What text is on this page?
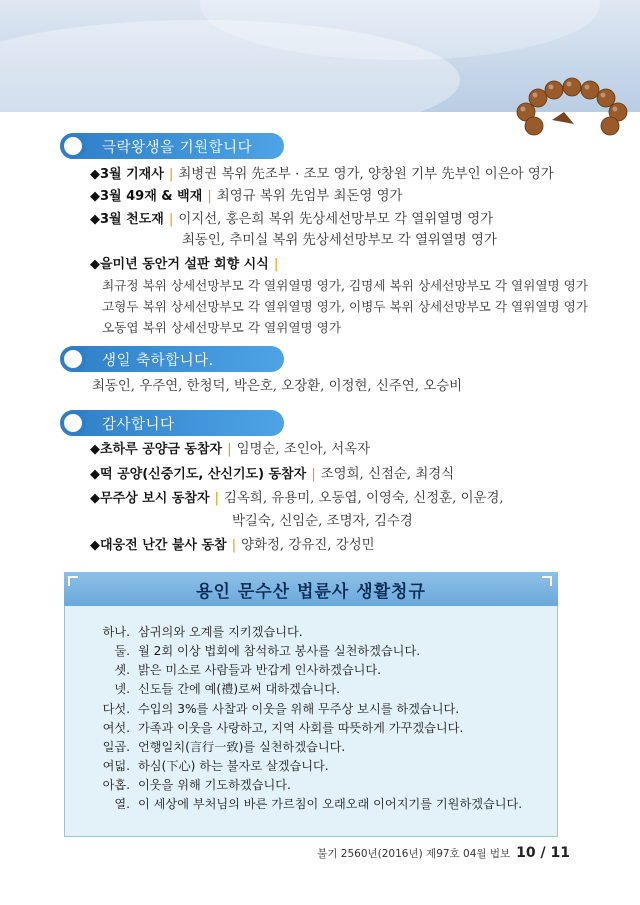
극락왕생을 기원합니다
◆3월 기재사 | 최병권 복위 先조부 · 조모 영가, 양창원 기부 先부인 이은아 영가
◆3월 49재 & 백재 | 최영규 복위 先엄부 최돈영 영가
◆3월 천도재 | 이지선, 홍은희 복위 先상세선망부모 각 열위열명 영가
최동인, 추미실 복위 先상세선망부모 각 열위열명 영가
◆을미년 동안거 설판 회향 시식 |
최규정 복위 상세선망부모 각 열위열명 영가, 김명세 복위 상세선망부모 각 열위열명 영가
고형두 복위 상세선망부모 각 열위열명 영가, 이병두 복위 상세선망부모 각 열위열명 영가
오동엽 복위 상세선망부모 각 열위열명 영가
생일 축하합니다.
최동인, 우주연, 한청덕, 박은호, 오장환, 이정현, 신주연, 오승비
감사합니다
◆초하루 공양금 동참자 | 임명순, 조인아, 서옥자
◆떡 공양(신중기도, 산신기도) 동참자 | 조영희, 신점순, 최경식
◆무주상 보시 동참자 | 김옥희, 유용미, 오동엽, 이영숙, 신정훈, 이운경,
박길숙, 신임순, 조명자, 김수경
◆대웅전 난간 불사 동참 | 양화정, 강유진, 강성민
용인 문수산 법륜사 생활청규
하나. 삼귀의와 오계를 지키겠습니다.
둘. 월 2회 이상 법회에 참석하고 봉사를 실천하겠습니다.
셋. 밝은 미소로 사람들과 반갑게 인사하겠습니다.
넷. 신도들 간에 예(禮)로써 대하겠습니다.
다섯. 수입의 3%를 사찰과 이웃을 위해 무주상 보시를 하겠습니다.
여섯. 가족과 이웃을 사랑하고, 지역 사회를 따뜻하게 가꾸겠습니다.
일곱. 언행일치(言行一致)를 실천하겠습니다.
여덟. 하심(下心) 하는 불자로 살겠습니다.
아홉. 이웃을 위해 기도하겠습니다.
열. 이 세상에 부처님의 바른 가르침이 오래오래 이어지기를 기원하겠습니다.
불기 2560년(2016년) 제97호 04월 법보 10 / 11
